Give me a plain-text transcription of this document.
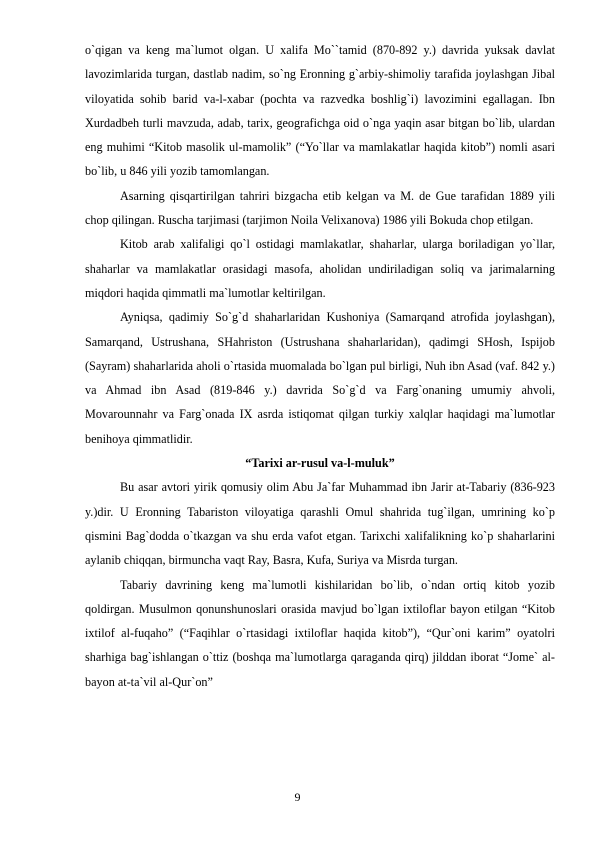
o`qigan va keng ma`lumot olgan. U xalifa Mo``tamid (870-892 y.) davrida yuksak davlat lavozimlarida turgan, dastlab nadim, so`ng Eronning g`arbiy-shimoliy tarafida joylashgan Jibal viloyatida sohib barid va-l-xabar (pochta va razvedka boshlig`i) lavozimini egallagan. Ibn Xurdadbeh turli mavzuda, adab, tarix, geografichga oid o`nga yaqin asar bitgan bo`lib, ulardan eng muhimi “Kitob masolik ul-mamolik” (“Yo`llar va mamlakatlar haqida kitob”) nomli asari bo`lib, u 846 yili yozib tamomlangan.

Asarning qisqartirilgan tahriri bizgacha etib kelgan va M. de Gue tarafidan 1889 yili chop qilingan. Ruscha tarjimasi (tarjimon Noila Velixanova) 1986 yili Bokuda chop etilgan.

Kitob arab xalifaligi qo`l ostidagi mamlakatlar, shaharlar, ularga boriladigan yo`llar, shaharlar va mamlakatlar orasidagi masofa, aholidan undiriladigan soliq va jarimalarning miqdori haqida qimmatli ma`lumotlar keltirilgan.

Ayniqsa, qadimiy So`g`d shaharlaridan Kushoniya (Samarqand atrofida joylashgan), Samarqand, Ustrushana, SHahriston (Ustrushana shaharlaridan), qadimgi SHosh, Ispijob (Sayram) shaharlarida aholi o`rtasida muomalada bo`lgan pul birligi, Nuh ibn Asad (vaf. 842 y.) va Ahmad ibn Asad (819-846 y.) davrida So`g`d va Farg`onaning umumiy ahvoli, Movarounnahr va Farg`onada IX asrda istiqomat qilgan turkiy xalqlar haqidagi ma`lumotlar benihoya qimmatlidir.

“Tarixi ar-rusul va-l-muluk”

Bu asar avtori yirik qomusiy olim Abu Ja`far Muhammad ibn Jarir at-Tabariy (836-923 y.)dir. U Eronning Tabariston viloyatiga qarashli Omul shahrida tug`ilgan, umrining ko`p qismini Bag`dodda o`tkazgan va shu erda vafot etgan. Tarixchi xalifalikning ko`p shaharlarini aylanib chiqqan, birmuncha vaqt Ray, Basra, Kufa, Suriya va Misrda turgan.

Tabariy davrining keng ma`lumotli kishilaridan bo`lib, o`ndan ortiq kitob yozib qoldirgan. Musulmon qonunshunoslari orasida mavjud bo`lgan ixtiloflar bayon etilgan “Kitob ixtilof al-fuqaho” (“Faqihlar o`rtasidagi ixtiloflar haqida kitob”), “Qur`oni karim” oyatolri sharhiga bag`ishlangan o`ttiz (boshqa ma`lumotlarga qaraganda qirq) jilddan iborat “Jome` al-bayon at-ta`vil al-Qur`on”

9
